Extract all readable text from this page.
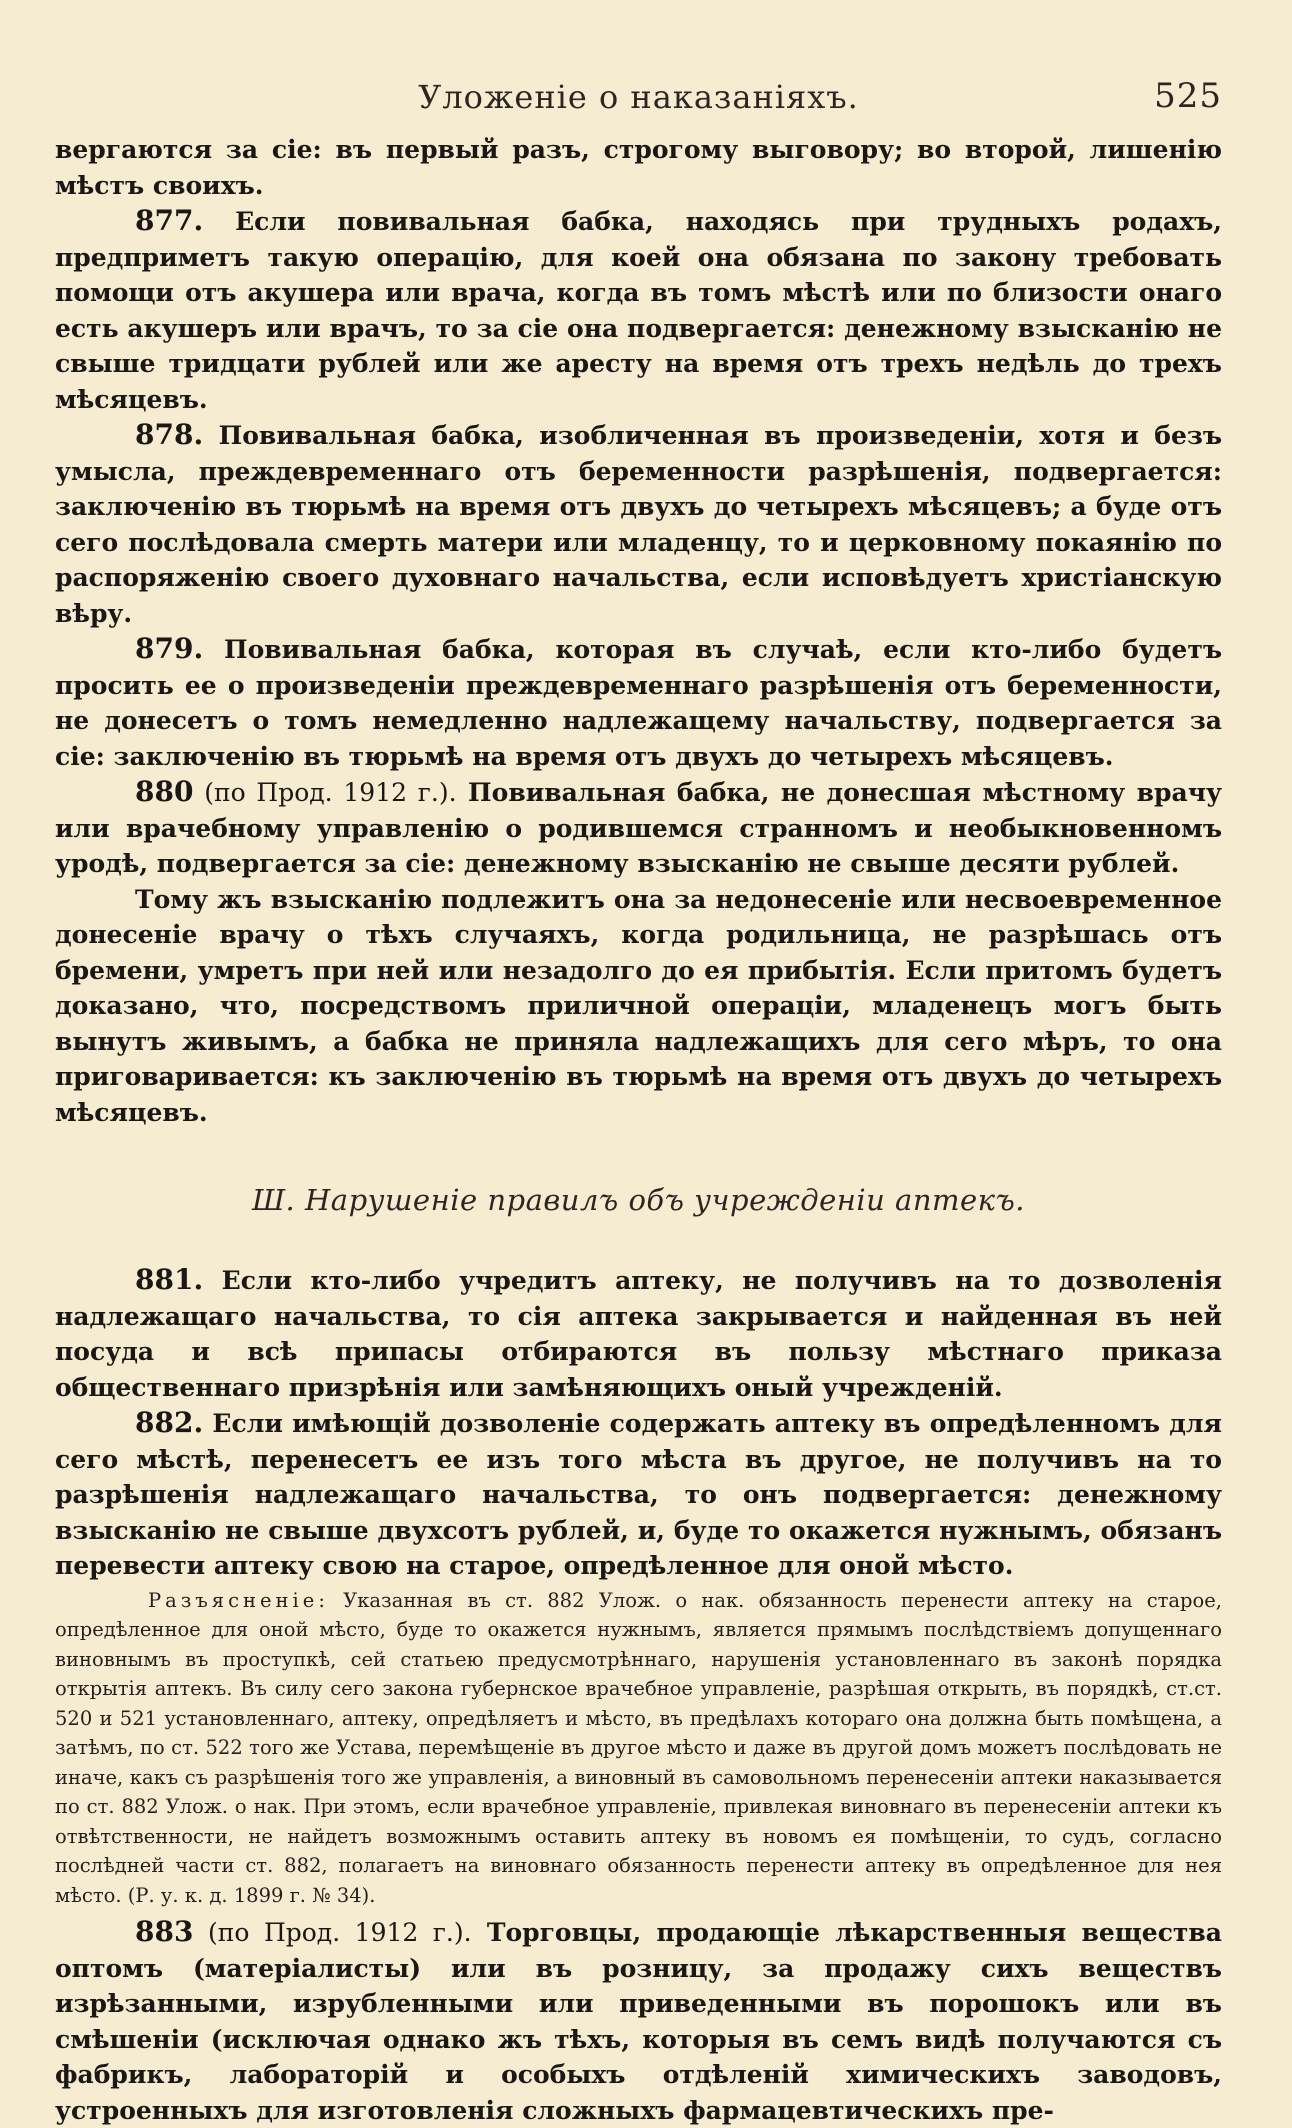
Уложеніе о наказаніяхъ.	525

вергаются за сіе: въ первый разъ, строгому выговору; во второй, лишенію мѣстъ своихъ.

877. Если повивальная бабка, находясь при трудныхъ родахъ, предприметъ такую операцію, для коей она обязана по закону требовать помощи отъ акушера или врача, когда въ томъ мѣстѣ или по близости онаго есть акушеръ или врачъ, то за сіе она подвергается: денежному взысканію не свыше тридцати рублей или же аресту на время отъ трехъ недѣль до трехъ мѣсяцевъ.

878. Повивальная бабка, изобличенная въ произведеніи, хотя и безъ умысла, преждевременнаго отъ беременности разрѣшенія, подвергается: заключенію въ тюрьмѣ на время отъ двухъ до четырехъ мѣсяцевъ; а буде отъ сего послѣдовала смерть матери или младенцу, то и церковному покаянію по распоряженію своего духовнаго начальства, если исповѣдуетъ христіанскую вѣру.

879. Повивальная бабка, которая въ случаѣ, если кто-либо будетъ просить ее о произведеніи преждевременнаго разрѣшенія отъ беременности, не донесетъ о томъ немедленно надлежащему начальству, подвергается за сіе: заключенію въ тюрьмѣ на время отъ двухъ до четырехъ мѣсяцевъ.

880 (по Прод. 1912 г.). Повивальная бабка, не донесшая мѣстному врачу или врачебному управленію о родившемся странномъ и необыкновенномъ уродѣ, подвергается за сіе: денежному взысканію не свыше десяти рублей.

Тому жъ взысканію подлежитъ она за недонесеніе или несвоевременное донесеніе врачу о тѣхъ случаяхъ, когда родильница, не разрѣшась отъ бремени, умретъ при ней или незадолго до ея прибытія. Если притомъ будетъ доказано, что, посредствомъ приличной операціи, младенецъ могъ быть вынутъ живымъ, а бабка не приняла надлежащихъ для сего мѣръ, то она приговаривается: къ заключенію въ тюрьмѣ на время отъ двухъ до четырехъ мѣсяцевъ.

Ш. Нарушеніе правилъ объ учрежденіи аптекъ.

881. Если кто-либо учредитъ аптеку, не получивъ на то дозволенія надлежащаго начальства, то сія аптека закрывается и найденная въ ней посуда и всѣ припасы отбираются въ пользу мѣстнаго приказа общественнаго призрѣнія или замѣняющихъ оный учрежденій.

882. Если имѣющій дозволеніе содержать аптеку въ опредѣленномъ для сего мѣстѣ, перенесетъ ее изъ того мѣста въ другое, не получивъ на то разрѣшенія надлежащаго начальства, то онъ подвергается: денежному взысканію не свыше двухсотъ рублей, и, буде то окажется нужнымъ, обязанъ перевести аптеку свою на старое, опредѣленное для оной мѣсто.

Разъясненіе: Указанная въ ст. 882 Улож. о нак. обязанность перенести аптеку на старое, опредѣленное для оной мѣсто, буде то окажется нужнымъ, является прямымъ послѣдствіемъ допущеннаго виновнымъ въ проступкѣ, сей статьею предусмотрѣннаго, нарушенія установленнаго въ законѣ порядка открытія аптекъ. Въ силу сего закона губернское врачебное управленіе, разрѣшая открыть, въ порядкѣ, ст.ст. 520 и 521 установленнаго, аптеку, опредѣляетъ и мѣсто, въ предѣлахъ котораго она должна быть помѣщена, а затѣмъ, по ст. 522 того же Устава, перемѣщеніе въ другое мѣсто и даже въ другой домъ можетъ послѣдовать не иначе, какъ съ разрѣшенія того же управленія, а виновный въ самовольномъ перенесеніи аптеки наказывается по ст. 882 Улож. о нак. При этомъ, если врачебное управленіе, привлекая виновнаго въ перенесеніи аптеки къ отвѣтственности, не найдетъ возможнымъ оставить аптеку въ новомъ ея помѣщеніи, то судъ, согласно послѣдней части ст. 882, полагаетъ на виновнаго обязанность перенести аптеку въ опредѣленное для нея мѣсто. (Р. у. к. д. 1899 г. № 34).

883 (по Прод. 1912 г.). Торговцы, продающіе лѣкарственныя вещества оптомъ (матеріалисты) или въ розницу, за продажу сихъ веществъ изрѣзанными, изрубленными или приведенными въ порошокъ или въ смѣшеніи (исключая однако жъ тѣхъ, которыя въ семъ видѣ получаются съ фабрикъ, лабораторій и особыхъ отдѣленій химическихъ заводовъ, устроенныхъ для изготовленія сложныхъ фармацевтическихъ пре-
